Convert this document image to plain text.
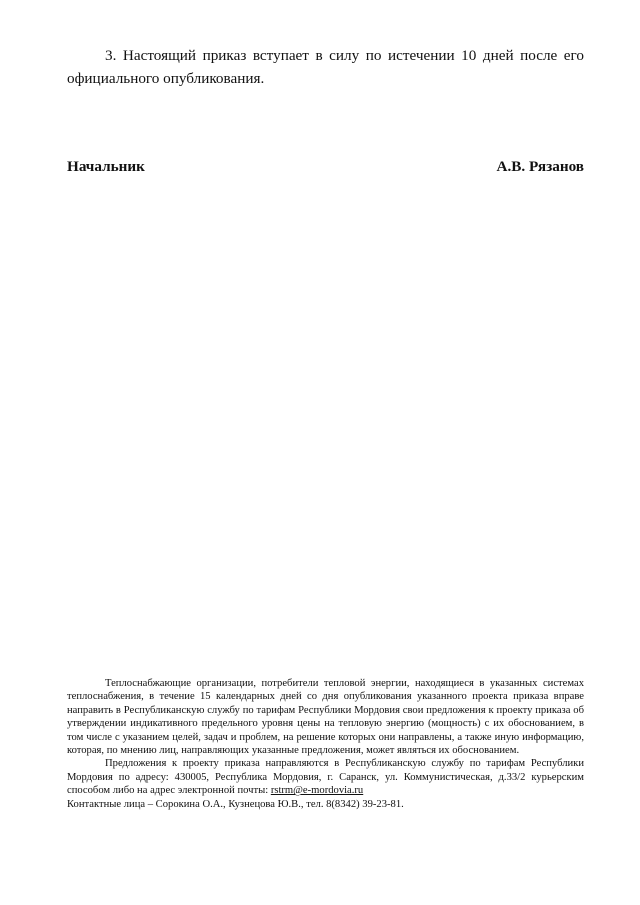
3. Настоящий приказ вступает в силу по истечении 10 дней после его официального опубликования.

Начальник	А.В. Рязанов

Теплоснабжающие организации, потребители тепловой энергии, находящиеся в указанных системах теплоснабжения, в течение 15 календарных дней со дня опубликования указанного проекта приказа вправе направить в Республиканскую службу по тарифам Республики Мордовия свои предложения к проекту приказа об утверждении индикативного предельного уровня цены на тепловую энергию (мощность) с их обоснованием, в том числе с указанием целей, задач и проблем, на решение которых они направлены, а также иную информацию, которая, по мнению лиц, направляющих указанные предложения, может являться их обоснованием.

Предложения к проекту приказа направляются в Республиканскую службу по тарифам Республики Мордовия по адресу: 430005, Республика Мордовия, г. Саранск, ул. Коммунистическая, д.33/2 курьерским способом либо на адрес электронной почты: rstrm@e-mordovia.ru

Контактные лица – Сорокина О.А., Кузнецова Ю.В., тел. 8(8342) 39-23-81.
